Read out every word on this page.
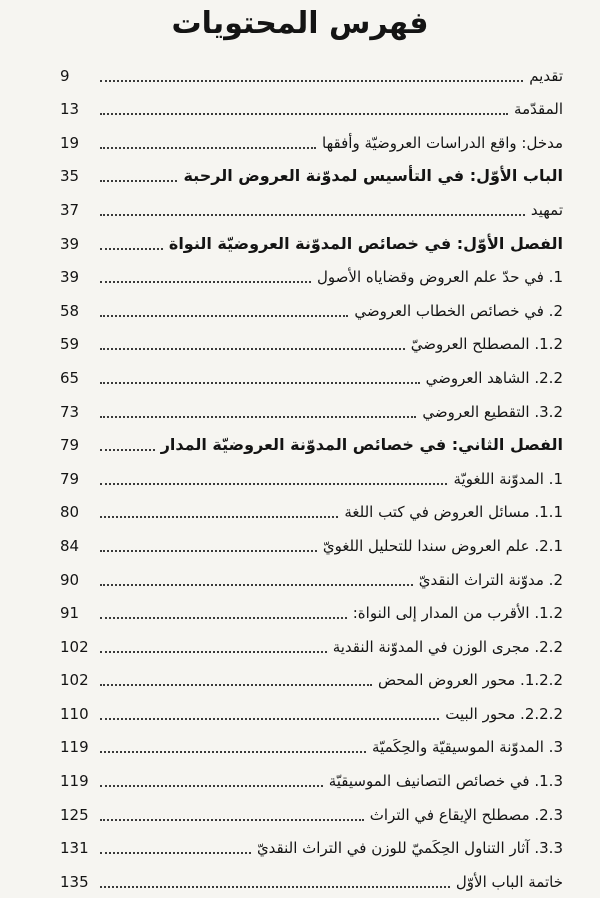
فهرس المحتويات
تقديم
9
المقدّمة
13
مدخل: واقع الدراسات العروضيّة وأفقها
19
الباب الأوّل: في التأسيس لمدوّنة العروض الرحبة
35
تمهيد
37
الفصل الأوّل: في خصائص المدوّنة العروضيّة النواة
39
1. في حدّ علم العروض وقضاياه الأصول
39
2. في خصائص الخطاب العروضي
58
1.2. المصطلح العروضيّ
59
2.2. الشاهد العروضي
65
3.2. التقطيع العروضي
73
الفصل الثاني: في خصائص المدوّنة العروضيّة المدار
79
1. المدوّنة اللغويّة
79
1.1. مسائل العروض في كتب اللغة
80
2.1. علم العروض سندا للتحليل اللغويّ
84
2. مدوّنة التراث النقديّ
90
1.2. الأقرب من المدار إلى النواة:
91
2.2. مجرى الوزن في المدوّنة النقدية
102
1.2.2. محور العروض المحض
102
2.2.2. محور البيت
110
3. المدوّنة الموسيقيّة والحِكَميّة
119
1.3. في خصائص التصانيف الموسيقيّة
119
2.3. مصطلح الإيقاع في التراث
125
3.3. آثار التناول الحِكَميّ للوزن في التراث النقديّ
131
خاتمة الباب الأوّل
135
